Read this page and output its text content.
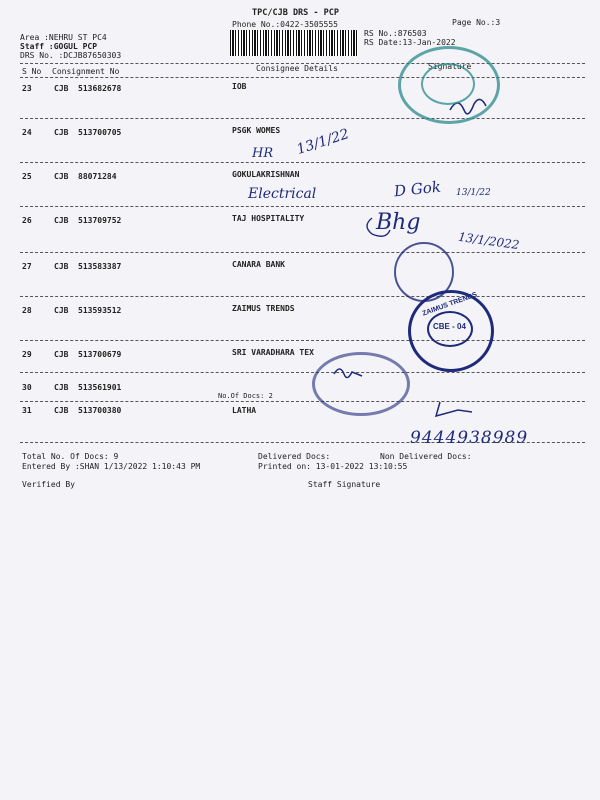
TPC/CJB DRS - PCP
Phone No.:0422-3505555	Page No.:3
Area :NEHRU ST PC4
Staff :GOGUL PCP
DRS No. :DCJB87650303
RS No.:876503
RS Date:13-Jan-2022
S No Consignment No	Consignee Details	Signature
23	CJB 513682678	IOB
24	CJB 513700705	PSGK WOMES
25	CJB 88071284	GOKULAKRISHNAN
26	CJB 513709752	TAJ HOSPITALITY
27	CJB 513583387	CANARA BANK
28	CJB 513593512	ZAIMUS TRENDS
29	CJB 513700679	SRI VARADHARA TEX
30	CJB 513561901
No.Of Docs: 2
31	CJB 513700380	LATHA
HR 13/1/22
Electrical	D Gok 13/1/22
Bhg
13/1/2022
9444938989
ZAIMUS TRENDS
CBE - 04
Total No. Of Docs: 9	Delivered Docs:	Non Delivered Docs:
Entered By :SHAN 1/13/2022 1:10:43 PM	Printed on: 13-01-2022 13:10:55
Verified By	Staff Signature
